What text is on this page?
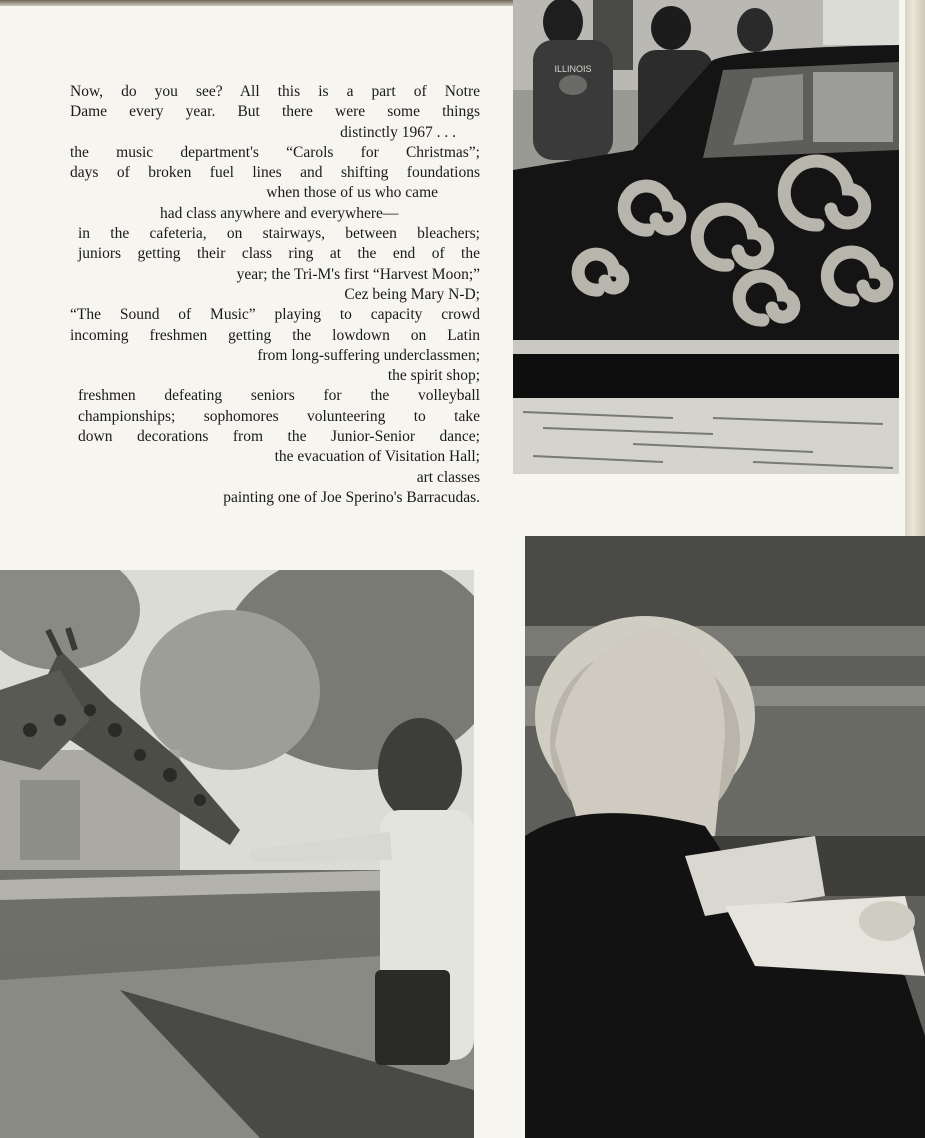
Now, do you see? All this is a part of Notre
Dame every year. But there were some things
distinctly 1967 . . .
the music department's “Carols for Christmas”;
days of broken fuel lines and shifting foundations
when those of us who came
had class anywhere and everywhere—
in the cafeteria, on stairways, between bleachers;
juniors getting their class ring at the end of the
year; the Tri-M's first “Harvest Moon;”
Cez being Mary N-D;
“The Sound of Music” playing to capacity crowd
incoming freshmen getting the lowdown on Latin
from long-suffering underclassmen;
the spirit shop;
freshmen defeating seniors for the volleyball
championships; sophomores volunteering to take
down decorations from the Junior-Senior dance;
the evacuation of Visitation Hall;
art classes
painting one of Joe Sperino's Barracudas.
ILLINOIS
